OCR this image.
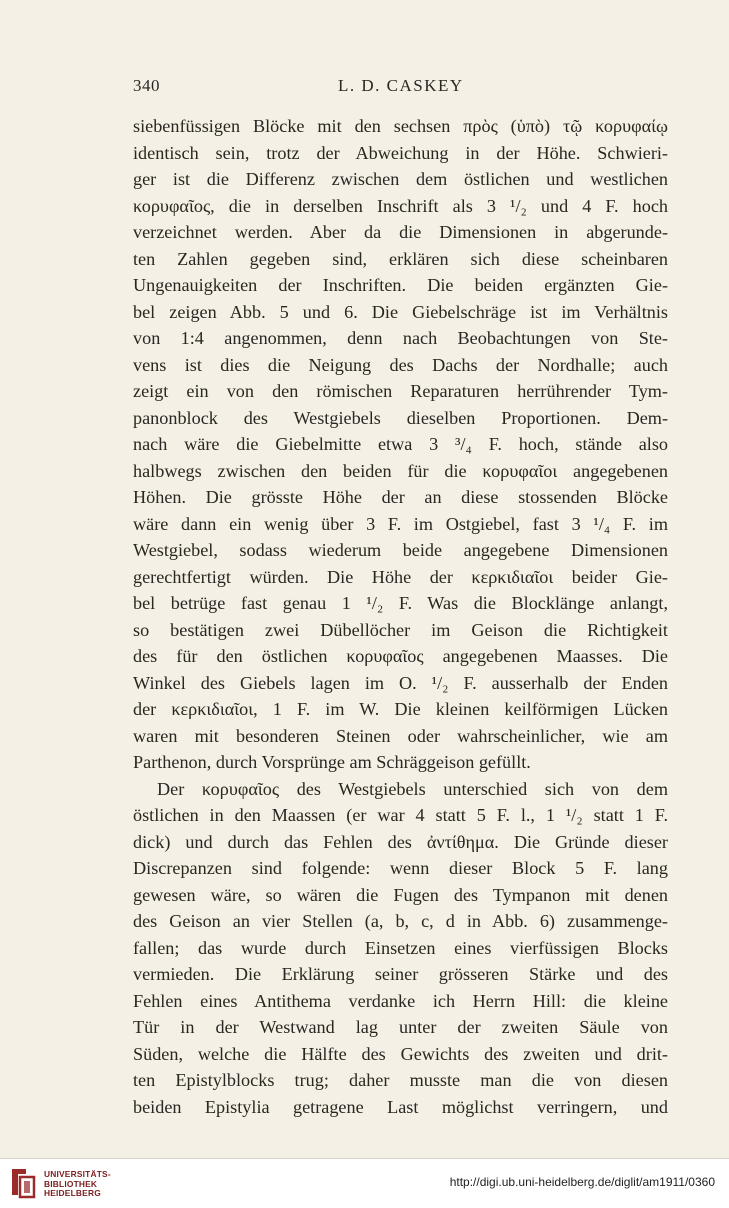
340	L. D. CASKEY
siebenfüssigen Blöcke mit den sechsen πρὸς (ὑπὸ) τῷ κορυφαίῳ
identisch sein, trotz der Abweichung in der Höhe. Schwieri-
ger ist die Differenz zwischen dem östlichen und westlichen
κορυφαῖος, die in derselben Inschrift als 3 ¹/₂ und 4 F. hoch
verzeichnet werden. Aber da die Dimensionen in abgerunde-
ten Zahlen gegeben sind, erklären sich diese scheinbaren
Ungenauigkeiten der Inschriften. Die beiden ergänzten Gie-
bel zeigen Abb. 5 und 6. Die Giebelschräge ist im Verhältnis
von 1:4 angenommen, denn nach Beobachtungen von Ste-
vens ist dies die Neigung des Dachs der Nordhalle; auch
zeigt ein von den römischen Reparaturen herrührender Tym-
panonblock des Westgiebels dieselben Proportionen. Dem-
nach wäre die Giebelmitte etwa 3 ³/₄ F. hoch, stände also
halbwegs zwischen den beiden für die κορυφαῖοι angegebenen
Höhen. Die grösste Höhe der an diese stossenden Blöcke
wäre dann ein wenig über 3 F. im Ostgiebel, fast 3 ¹/₄ F. im
Westgiebel, sodass wiederum beide angegebene Dimensionen
gerechtfertigt würden. Die Höhe der κερκιδιαῖοι beider Gie-
bel betrüge fast genau 1 ¹/₂ F. Was die Blocklänge anlangt,
so bestätigen zwei Dübellöcher im Geison die Richtigkeit
des für den östlichen κορυφαῖος angegebenen Maasses. Die
Winkel des Giebels lagen im O. ¹/₂ F. ausserhalb der Enden
der κερκιδιαῖοι, 1 F. im W. Die kleinen keilförmigen Lücken
waren mit besonderen Steinen oder wahrscheinlicher, wie am
Parthenon, durch Vorsprünge am Schräggeison gefüllt.
Der κορυφαῖος des Westgiebels unterschied sich von dem
östlichen in den Maassen (er war 4 statt 5 F. l., 1 ¹/₂ statt 1 F.
dick) und durch das Fehlen des ἀντίθημα. Die Gründe dieser
Discrepanzen sind folgende: wenn dieser Block 5 F. lang
gewesen wäre, so wären die Fugen des Tympanon mit denen
des Geison an vier Stellen (a, b, c, d in Abb. 6) zusammenge-
fallen; das wurde durch Einsetzen eines vierfüssigen Blocks
vermieden. Die Erklärung seiner grösseren Stärke und des
Fehlen eines Antithema verdanke ich Herrn Hill: die kleine
Tür in der Westwand lag unter der zweiten Säule von
Süden, welche die Hälfte des Gewichts des zweiten und drit-
ten Epistylblocks trug; daher musste man die von diesen
beiden Epistylia getragene Last möglichst verringern, und
UNIVERSITÄTS-
BIBLIOTHEK
HEIDELBERG
http://digi.ub.uni-heidelberg.de/diglit/am1911/0360
